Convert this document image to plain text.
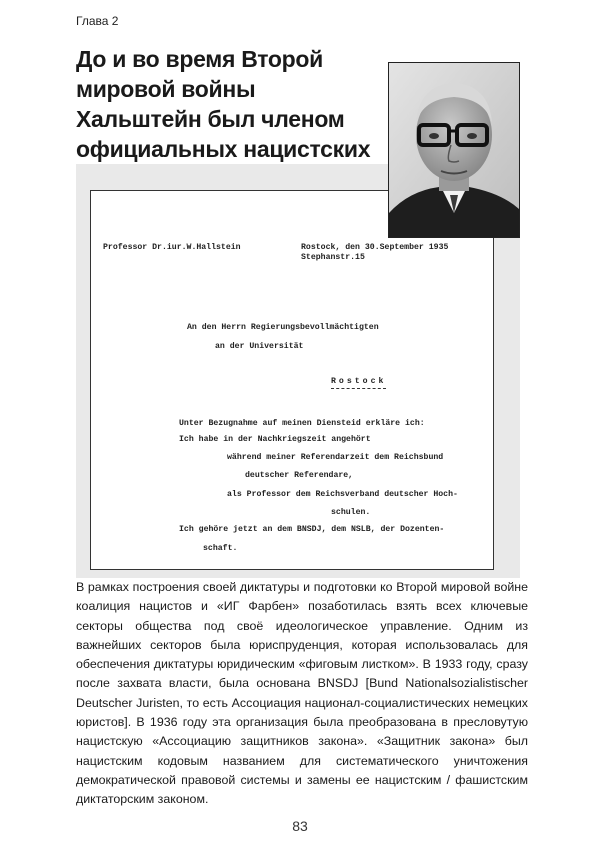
Глава 2
До и во время Второй мировой войны Хальштейн был членом официальных нацистских
Professor Dr.iur.W.Hallstein	Rostock, den 30.September 1935
Stephanstr.15
An den Herrn Regierungsbevollmächtigten
an der Universität
Rostock
Unter Bezugnahme auf meinen Diensteid erkläre ich:
Ich habe in der Nachkriegszeit angehört
während meiner Referendarzeit dem Reichsbund
deutscher Referendare,
als Professor dem Reichsverband deutscher Hoch-
schulen.
Ich gehöre jetzt an dem BNSDJ, dem NSLB, der Dozenten-
schaft.

В рамках построения своей диктатуры и подготовки ко Второй мировой войне коалиция нацистов и «ИГ Фарбен» позаботилась взять всех ключевые секторы общества под своё идеологическое управление. Одним из важнейших секторов была юриспруденция, которая использовалась для обеспечения диктатуры юридическим «фиговым листком». В 1933 году, сразу после захвата власти, была основана BNSDJ [Bund Nationalsozialistischer Deutscher Juristen, то есть Ассоциация национал-социалистических немецких юристов]. В 1936 году эта организация была преобразована в пресловутую нацистскую «Ассоциацию защитников закона». «Защитник закона» был нацистским кодовым названием для систематического уничтожения демократической правовой системы и замены ее нацистским / фашистским диктаторским законом.

83
